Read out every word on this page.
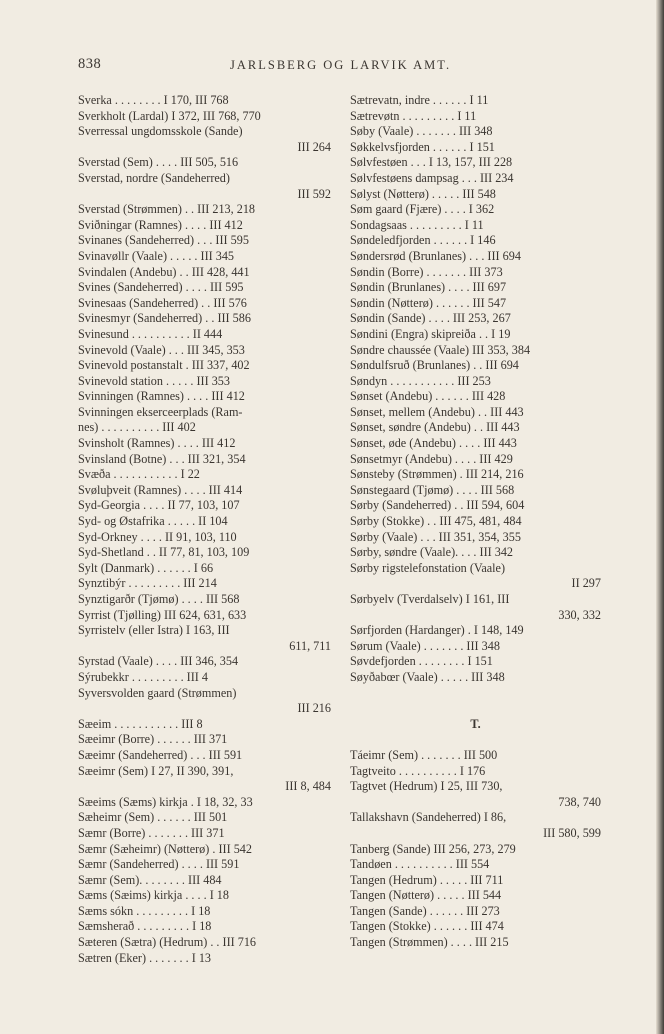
838	JARLSBERG OG LARVIK AMT.
Sverka . . . . . . . . I 170, III 768
Sverkholt (Lardal) I 372, III 768, 770
Sverressal ungdomsskole (Sande)
III 264
Sverstad (Sem) . . . . III 505, 516
Sverstad, nordre (Sandeherred)
III 592
Sverstad (Strømmen) . . III 213, 218
Sviðningar (Ramnes) . . . . III 412
Svinanes (Sandeherred) . . . III 595
Svinavøllr (Vaale) . . . . . III 345
Svindalen (Andebu) . . III 428, 441
Svines (Sandeherred) . . . . III 595
Svinesaas (Sandeherred) . . III 576
Svinesmyr (Sandeherred) . . III 586
Svinesund . . . . . . . . . . II 444
Svinevold (Vaale) . . . III 345, 353
Svinevold postanstalt . III 337, 402
Svinevold station . . . . . III 353
Svinningen (Ramnes) . . . . III 412
Svinningen ekserceerplads (Ram-
nes) . . . . . . . . . . III 402
Svinsholt (Ramnes) . . . . III 412
Svinsland (Botne) . . . III 321, 354
Svæða . . . . . . . . . . . I 22
Svøluþveit (Ramnes) . . . . III 414
Syd-Georgia . . . . II 77, 103, 107
Syd- og Østafrika . . . . . II 104
Syd-Orkney . . . . II 91, 103, 110
Syd-Shetland . . II 77, 81, 103, 109
Sylt (Danmark) . . . . . . I 66
Synztibýr . . . . . . . . . III 214
Synztigarðr (Tjømø) . . . . III 568
Syrrist (Tjølling) III 624, 631, 633
Syrristelv (eller Istra) I 163, III
611, 711
Syrstad (Vaale) . . . . III 346, 354
Sýrubekkr . . . . . . . . . III 4
Syversvolden gaard (Strømmen)
III 216
Sæeim . . . . . . . . . . . III 8
Sæeimr (Borre) . . . . . . III 371
Sæeimr (Sandeherred) . . . III 591
Sæeimr (Sem) I 27, II 390, 391,
III 8, 484
Sæeims (Sæms) kirkja . I 18, 32, 33
Sæheimr (Sem) . . . . . . III 501
Sæmr (Borre) . . . . . . . III 371
Sæmr (Sæheimr) (Nøtterø) . III 542
Sæmr (Sandeherred) . . . . III 591
Sæmr (Sem). . . . . . . . III 484
Sæms (Sæims) kirkja . . . . I 18
Sæms sókn . . . . . . . . . I 18
Sæmsherað . . . . . . . . . I 18
Sæteren (Sætra) (Hedrum) . . III 716
Sætren (Eker) . . . . . . . I 13
Sætrevatn, indre . . . . . . I 11
Sætrevøtn . . . . . . . . . I 11
Søby (Vaale) . . . . . . . III 348
Søkkelvsfjorden . . . . . . I 151
Sølvfestøen . . . I 13, 157, III 228
Sølvfestøens dampsag . . . III 234
Sølyst (Nøtterø) . . . . . III 548
Søm gaard (Fjære) . . . . I 362
Sondagsaas . . . . . . . . . I 11
Søndeledfjorden . . . . . . I 146
Søndersrød (Brunlanes) . . . III 694
Søndin (Borre) . . . . . . . III 373
Søndin (Brunlanes) . . . . III 697
Søndin (Nøtterø) . . . . . . III 547
Søndin (Sande) . . . . III 253, 267
Søndini (Engra) skipreiða . . I 19
Søndre chaussée (Vaale) III 353, 384
Søndulfsruð (Brunlanes) . . III 694
Søndyn . . . . . . . . . . . III 253
Sønset (Andebu) . . . . . . III 428
Sønset, mellem (Andebu) . . III 443
Sønset, søndre (Andebu) . . III 443
Sønset, øde (Andebu) . . . . III 443
Sønsetmyr (Andebu) . . . . III 429
Sønsteby (Strømmen) . III 214, 216
Sønstegaard (Tjømø) . . . . III 568
Sørby (Sandeherred) . . III 594, 604
Sørby (Stokke) . . III 475, 481, 484
Sørby (Vaale) . . . III 351, 354, 355
Sørby, søndre (Vaale). . . . III 342
Sørby rigstelefonstation (Vaale)
II 297
Sørbyelv (Tverdalselv) I 161, III
330, 332
Sørfjorden (Hardanger) . I 148, 149
Sørum (Vaale) . . . . . . . III 348
Søvdefjorden . . . . . . . . I 151
Søyðabœr (Vaale) . . . . . III 348
T.
Táeimr (Sem) . . . . . . . III 500
Tagtveito . . . . . . . . . . I 176
Tagtvet (Hedrum) I 25, III 730,
738, 740
Tallakshavn (Sandeherred) I 86,
III 580, 599
Tanberg (Sande) III 256, 273, 279
Tandøen . . . . . . . . . . III 554
Tangen (Hedrum) . . . . . III 711
Tangen (Nøtterø) . . . . . III 544
Tangen (Sande) . . . . . . III 273
Tangen (Stokke) . . . . . . III 474
Tangen (Strømmen) . . . . III 215
